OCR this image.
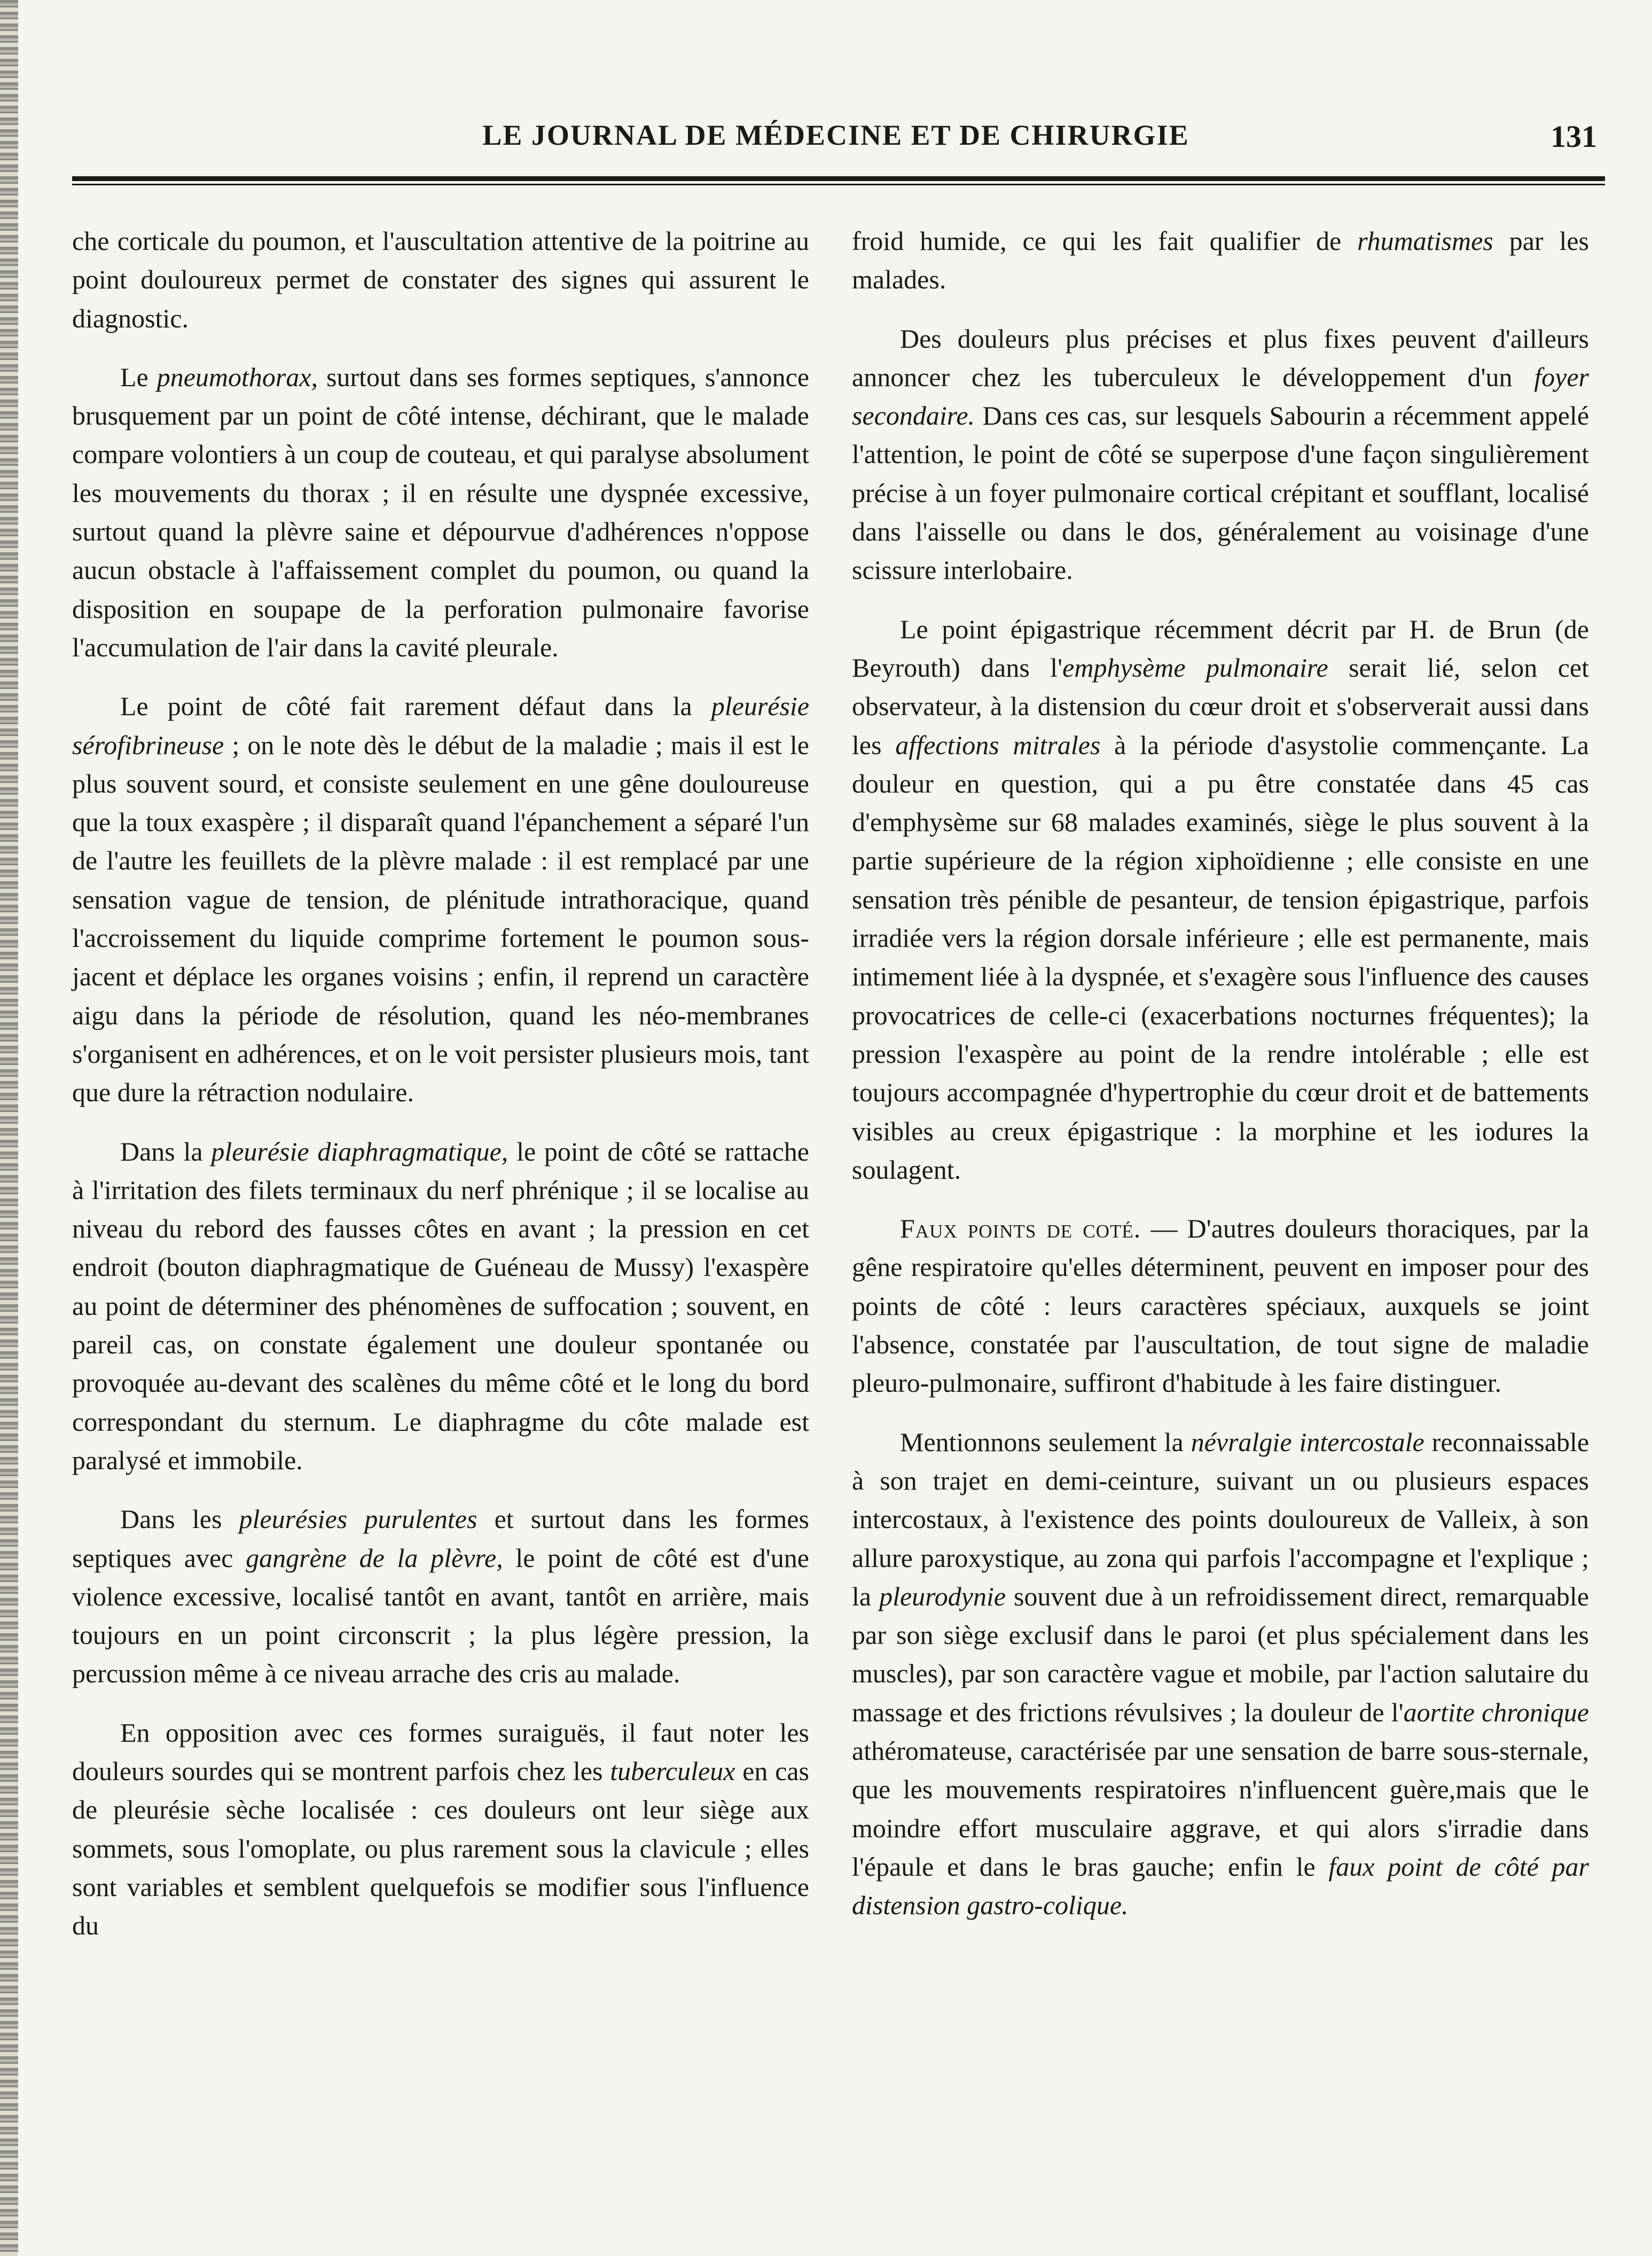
LE JOURNAL DE MÉDECINE ET DE CHIRURGIE	131

che corticale du poumon, et l'auscultation attentive de la poitrine au point douloureux permet de constater des signes qui assurent le diagnostic.

Le pneumothorax, surtout dans ses formes septiques, s'annonce brusquement par un point de côté intense, déchirant, que le malade compare volontiers à un coup de couteau, et qui paralyse absolument les mouvements du thorax ; il en résulte une dyspnée excessive, surtout quand la plèvre saine et dépourvue d'adhérences n'oppose aucun obstacle à l'affaissement complet du poumon, ou quand la disposition en soupape de la perforation pulmonaire favorise l'accumulation de l'air dans la cavité pleurale.

Le point de côté fait rarement défaut dans la pleurésie sérofibrineuse ; on le note dès le début de la maladie ; mais il est le plus souvent sourd, et consiste seulement en une gêne douloureuse que la toux exaspère ; il disparaît quand l'épanchement a séparé l'un de l'autre les feuillets de la plèvre malade : il est remplacé par une sensation vague de tension, de plénitude intrathoracique, quand l'accroissement du liquide comprime fortement le poumon sous-jacent et déplace les organes voisins ; enfin, il reprend un caractère aigu dans la période de résolution, quand les néo-membranes s'organisent en adhérences, et on le voit persister plusieurs mois, tant que dure la rétraction nodulaire.

Dans la pleurésie diaphragmatique, le point de côté se rattache à l'irritation des filets terminaux du nerf phrénique ; il se localise au niveau du rebord des fausses côtes en avant ; la pression en cet endroit (bouton diaphragmatique de Guéneau de Mussy) l'exaspère au point de déterminer des phénomènes de suffocation ; souvent, en pareil cas, on constate également une douleur spontanée ou provoquée au-devant des scalènes du même côté et le long du bord correspondant du sternum. Le diaphragme du côte malade est paralysé et immobile.

Dans les pleurésies purulentes et surtout dans les formes septiques avec gangrène de la plèvre, le point de côté est d'une violence excessive, localisé tantôt en avant, tantôt en arrière, mais toujours en un point circonscrit ; la plus légère pression, la percussion même à ce niveau arrache des cris au malade.

En opposition avec ces formes suraiguës, il faut noter les douleurs sourdes qui se montrent parfois chez les tuberculeux en cas de pleurésie sèche localisée : ces douleurs ont leur siège aux sommets, sous l'omoplate, ou plus rarement sous la clavicule ; elles sont variables et semblent quelquefois se modifier sous l'influence du

froid humide, ce qui les fait qualifier de rhumatismes par les malades.

Des douleurs plus précises et plus fixes peuvent d'ailleurs annoncer chez les tuberculeux le développement d'un foyer secondaire. Dans ces cas, sur lesquels Sabourin a récemment appelé l'attention, le point de côté se superpose d'une façon singulièrement précise à un foyer pulmonaire cortical crépitant et soufflant, localisé dans l'aisselle ou dans le dos, généralement au voisinage d'une scissure interlobaire.

Le point épigastrique récemment décrit par H. de Brun (de Beyrouth) dans l'emphysème pulmonaire serait lié, selon cet observateur, à la distension du cœur droit et s'observerait aussi dans les affections mitrales à la période d'asystolie commençante. La douleur en question, qui a pu être constatée dans 45 cas d'emphysème sur 68 malades examinés, siège le plus souvent à la partie supérieure de la région xiphoïdienne ; elle consiste en une sensation très pénible de pesanteur, de tension épigastrique, parfois irradiée vers la région dorsale inférieure ; elle est permanente, mais intimement liée à la dyspnée, et s'exagère sous l'influence des causes provocatrices de celle-ci (exacerbations nocturnes fréquentes); la pression l'exaspère au point de la rendre intolérable ; elle est toujours accompagnée d'hypertrophie du cœur droit et de battements visibles au creux épigastrique : la morphine et les iodures la soulagent.

Faux points de coté. — D'autres douleurs thoraciques, par la gêne respiratoire qu'elles déterminent, peuvent en imposer pour des points de côté : leurs caractères spéciaux, auxquels se joint l'absence, constatée par l'auscultation, de tout signe de maladie pleuro-pulmonaire, suffiront d'habitude à les faire distinguer.

Mentionnons seulement la névralgie intercostale reconnaissable à son trajet en demi-ceinture, suivant un ou plusieurs espaces intercostaux, à l'existence des points douloureux de Valleix, à son allure paroxystique, au zona qui parfois l'accompagne et l'explique ; la pleurodynie souvent due à un refroidissement direct, remarquable par son siège exclusif dans le paroi (et plus spécialement dans les muscles), par son caractère vague et mobile, par l'action salutaire du massage et des frictions révulsives ; la douleur de l'aortite chronique athéromateuse, caractérisée par une sensation de barre sous-sternale, que les mouvements respiratoires n'influencent guère,mais que le moindre effort musculaire aggrave, et qui alors s'irradie dans l'épaule et dans le bras gauche; enfin le faux point de côté par distension gastro-colique.
